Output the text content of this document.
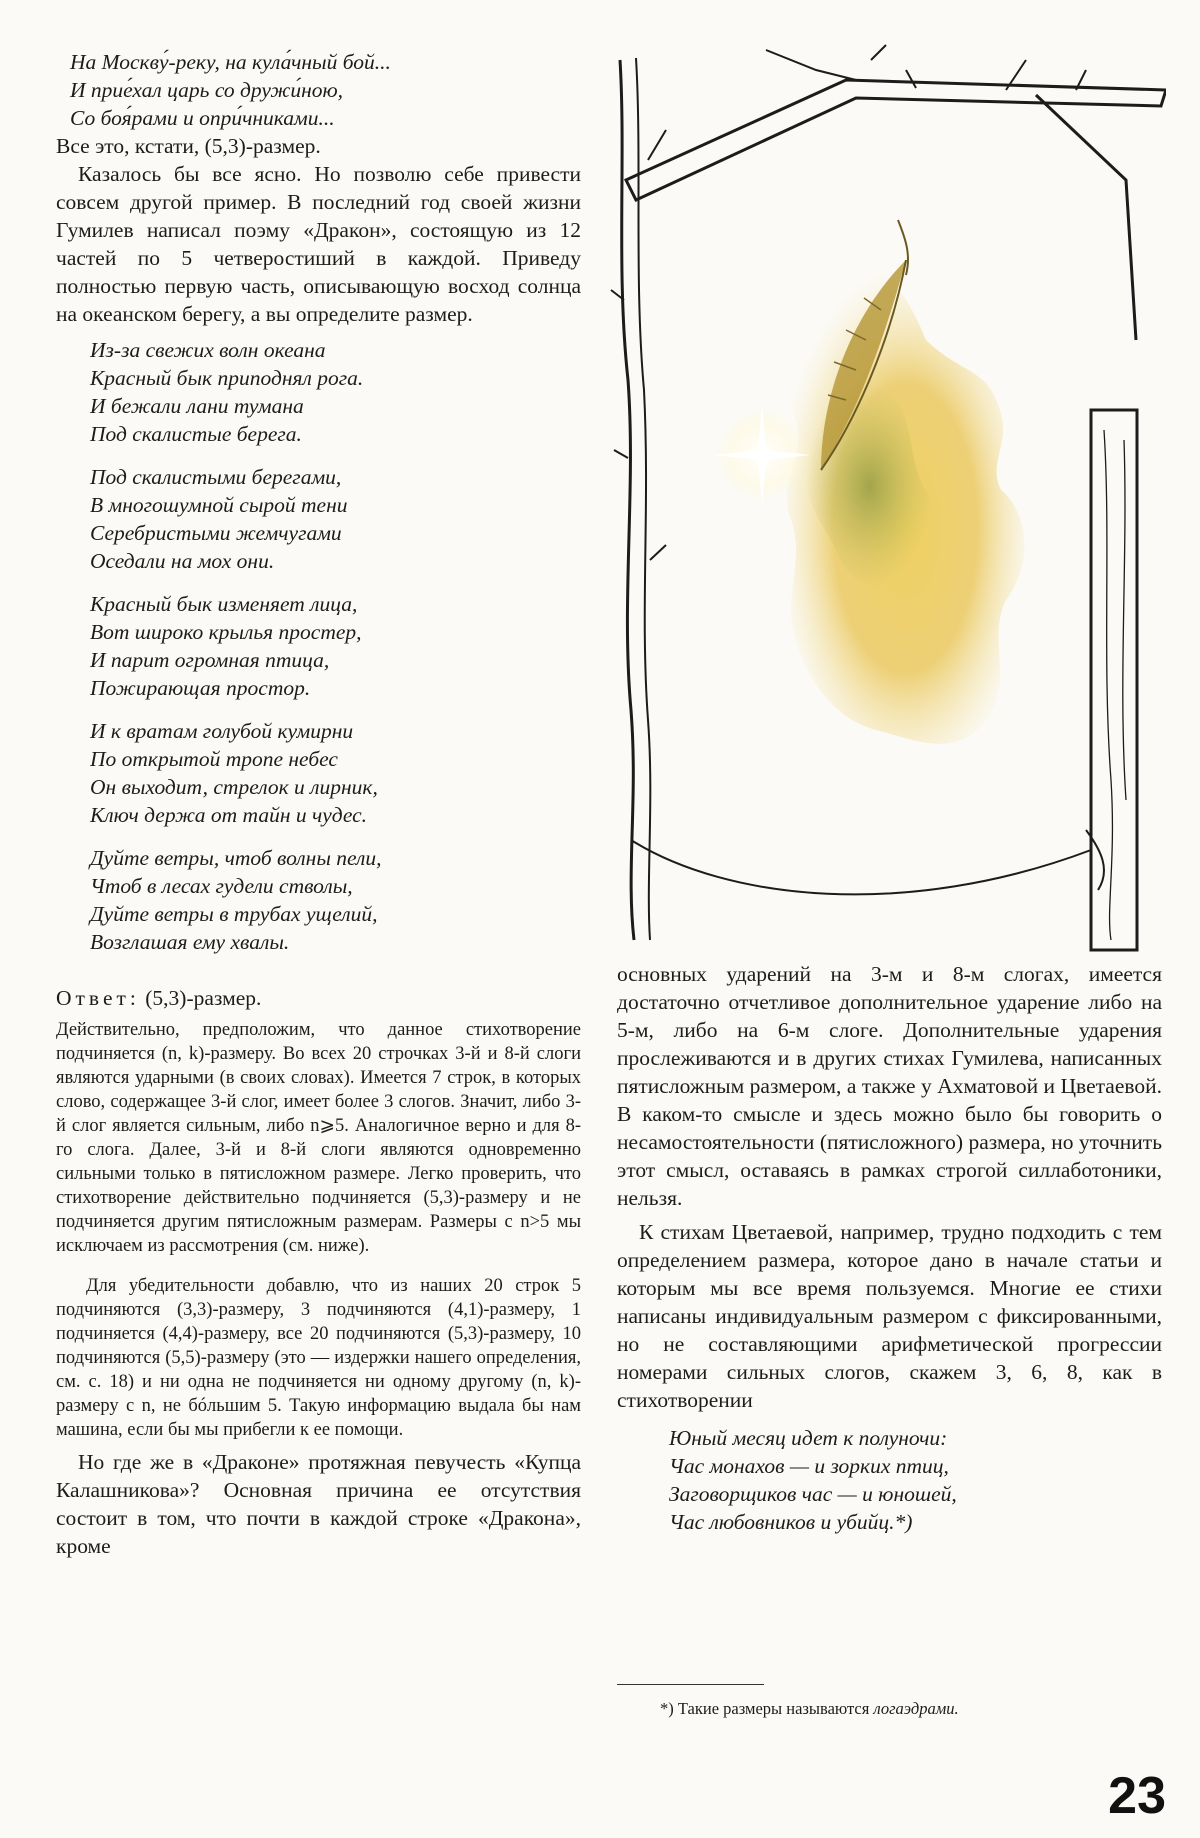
На Москву́-реку, на кула́чный бой...
И прие́хал царь со дружи́ною,
Со боя́рами и опри́чниками...

Все это, кстати, (5,3)-размер.

Казалось бы все ясно. Но позволю себе привести совсем другой пример. В последний год своей жизни Гумилев написал поэму «Дракон», состоящую из 12 частей по 5 четверостиший в каждой. Приведу полностью первую часть, описывающую восход солнца на океанском берегу, а вы определите размер.

Из-за свежих волн океана
Красный бык приподнял рога.
И бежали лани тумана
Под скалистые берега.
Под скалистыми берегами,
В многошумной сырой тени
Серебристыми жемчугами
Оседали на мох они.
Красный бык изменяет лица,
Вот широко крылья простер,
И парит огромная птица,
Пожирающая простор.
И к вратам голубой кумирни
По открытой тропе небес
Он выходит, стрелок и лирник,
Ключ держа от тайн и чудес.
Дуйте ветры, чтоб волны пели,
Чтоб в лесах гудели стволы,
Дуйте ветры в трубах ущелий,
Возглашая ему хвалы.
Ответ: (5,3)-размер.

Действительно, предположим, что данное стихотворение подчиняется (n, k)-размеру. Во всех 20 строчках 3-й и 8-й слоги являются ударными (в своих словах). Имеется 7 строк, в которых слово, содержащее 3-й слог, имеет более 3 слогов. Значит, либо 3-й слог является сильным, либо n⩾5. Аналогичное верно и для 8-го слога. Далее, 3-й и 8-й слоги являются одновременно сильными только в пятисложном размере. Легко проверить, что стихотворение действительно подчиняется (5,3)-размеру и не подчиняется другим пятисложным размерам. Размеры с n>5 мы исключаем из рассмотрения (см. ниже).

Для убедительности добавлю, что из наших 20 строк 5 подчиняются (3,3)-размеру, 3 подчиняются (4,1)-размеру, 1 подчиняется (4,4)-размеру, все 20 подчиняются (5,3)-размеру, 10 подчиняются (5,5)-размеру (это — издержки нашего определения, см. с. 18) и ни одна не подчиняется ни одному другому (n, k)-размеру с n, не бóльшим 5. Такую информацию выдала бы нам машина, если бы мы прибегли к ее помощи.

Но где же в «Драконе» протяжная певучесть «Купца Калашникова»? Основная причина ее отсутствия состоит в том, что почти в каждой строке «Дракона», кроме

основных ударений на 3-м и 8-м слогах, имеется достаточно отчетливое дополнительное ударение либо на 5-м, либо на 6-м слоге. Дополнительные ударения прослеживаются и в других стихах Гумилева, написанных пятисложным размером, а также у Ахматовой и Цветаевой. В каком-то смысле и здесь можно было бы говорить о несамостоятельности (пятисложного) размера, но уточнить этот смысл, оставаясь в рамках строгой силлаботоники, нельзя.

К стихам Цветаевой, например, трудно подходить с тем определением размера, которое дано в начале статьи и которым мы все время пользуемся. Многие ее стихи написаны индивидуальным размером с фиксированными, но не составляющими арифметической прогрессии номерами сильных слогов, скажем 3, 6, 8, как в стихотворении

Юный месяц идет к полуночи:
Час монахов — и зорких птиц,
Заговорщиков час — и юношей,
Час любовников и убийц.*)
*) Такие размеры называются логаэдрами.
23
